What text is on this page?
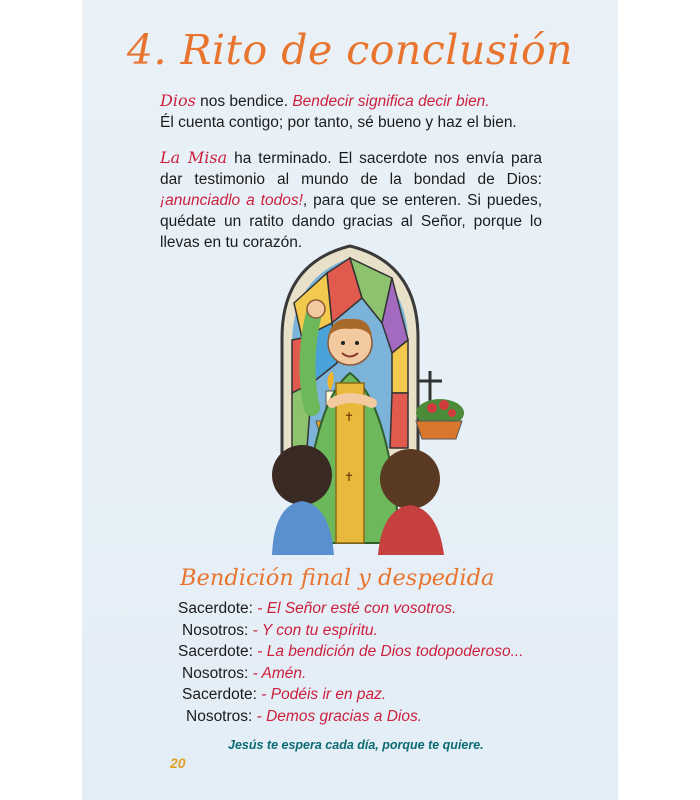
4. Rito de conclusión
Dios nos bendice. Bendecir significa decir bien.
Él cuenta contigo; por tanto, sé bueno y haz el bien.
La Misa ha terminado. El sacerdote nos envía para dar testimonio al mundo de la bondad de Dios: ¡anunciadlo a todos!, para que se enteren. Si puedes, quédate un ratito dando gracias al Señor, porque lo llevas en tu corazón.
✝
✝
Bendición final y despedida
Sacerdote: - El Señor esté con vosotros.
Nosotros: - Y con tu espíritu.
Sacerdote: - La bendición de Dios todopoderoso...
Nosotros: - Amén.
Sacerdote: - Podéis ir en paz.
Nosotros: - Demos gracias a Dios.
Jesús te espera cada día, porque te quiere.
20
